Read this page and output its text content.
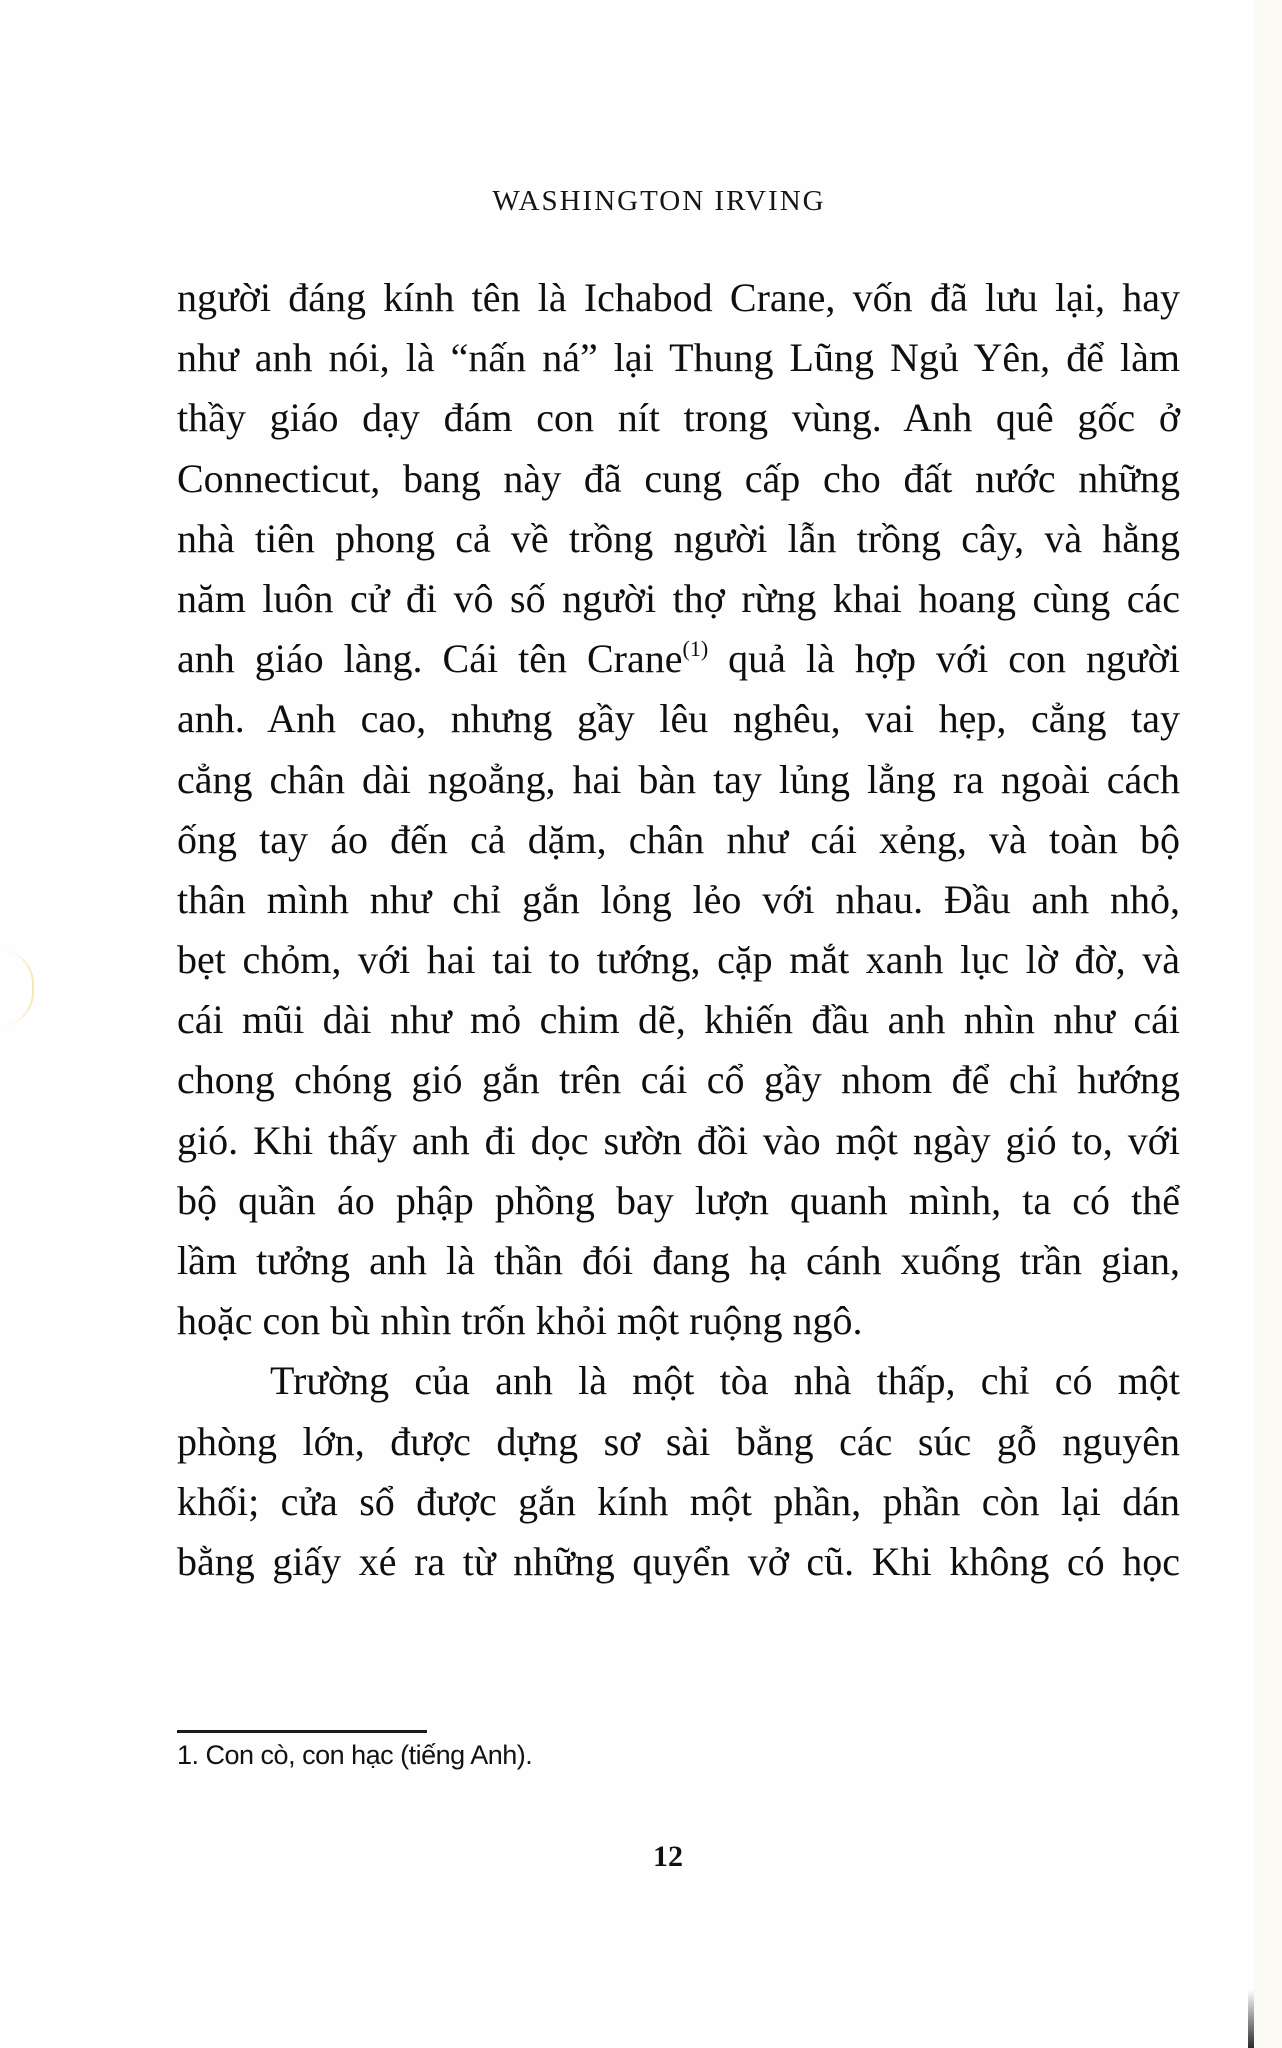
WASHINGTON IRVING
người đáng kính tên là Ichabod Crane, vốn đã lưu lại, hay
như anh nói, là “nấn ná” lại Thung Lũng Ngủ Yên, để làm
thầy giáo dạy đám con nít trong vùng. Anh quê gốc ở
Connecticut, bang này đã cung cấp cho đất nước những
nhà tiên phong cả về trồng người lẫn trồng cây, và hằng
năm luôn cử đi vô số người thợ rừng khai hoang cùng các
anh giáo làng. Cái tên Crane$^{(1)}$ quả là hợp với con người
anh. Anh cao, nhưng gầy lêu nghêu, vai hẹp, cẳng tay
cẳng chân dài ngoẳng, hai bàn tay lủng lẳng ra ngoài cách
ống tay áo đến cả dặm, chân như cái xẻng, và toàn bộ
thân mình như chỉ gắn lỏng lẻo với nhau. Đầu anh nhỏ,
bẹt chỏm, với hai tai to tướng, cặp mắt xanh lục lờ đờ, và
cái mũi dài như mỏ chim dẽ, khiến đầu anh nhìn như cái
chong chóng gió gắn trên cái cổ gầy nhom để chỉ hướng
gió. Khi thấy anh đi dọc sườn đồi vào một ngày gió to, với
bộ quần áo phập phồng bay lượn quanh mình, ta có thể
lầm tưởng anh là thần đói đang hạ cánh xuống trần gian,
hoặc con bù nhìn trốn khỏi một ruộng ngô.
Trường của anh là một tòa nhà thấp, chỉ có một
phòng lớn, được dựng sơ sài bằng các súc gỗ nguyên
khối; cửa sổ được gắn kính một phần, phần còn lại dán
bằng giấy xé ra từ những quyển vở cũ. Khi không có học
1. Con cò, con hạc (tiếng Anh).
12
